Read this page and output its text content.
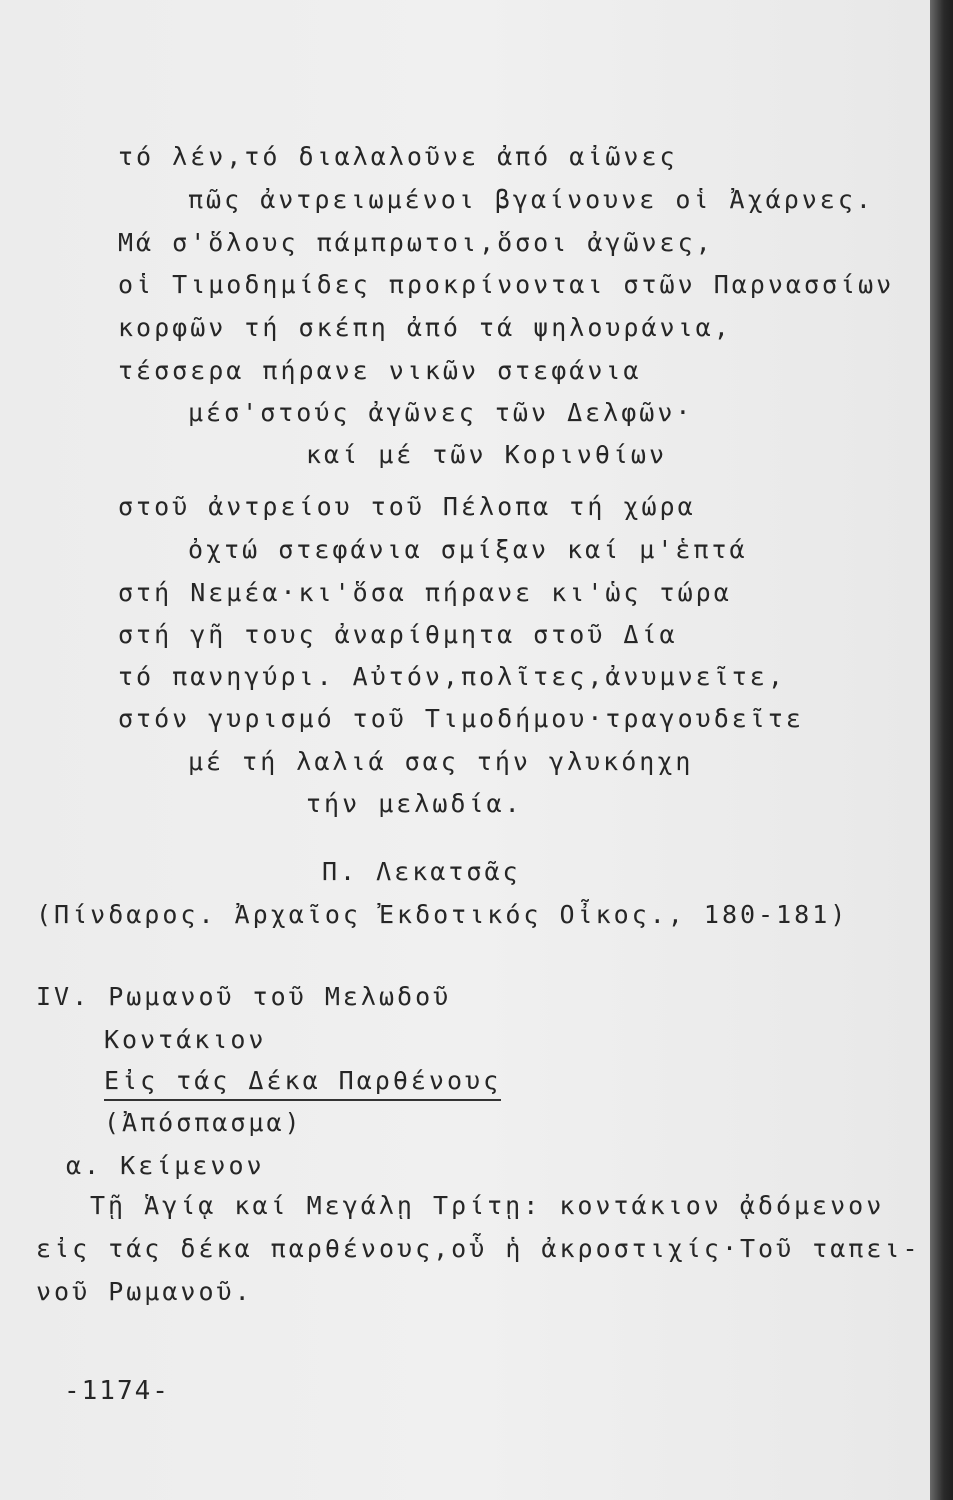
τό λέν,τό διαλαλοῦνε ἀπό αἰῶνες
πῶς ἀντρειωμένοι βγαίνουνε οἱ Ἀχάρνες.
Μά σ'ὅλους πάμπρωτοι,ὅσοι ἀγῶνες,
οἱ Τιμοδημίδες προκρίνονται στῶν Παρνασσίων
κορφῶν τή σκέπη ἀπό τά ψηλουράνια,
τέσσερα πήρανε νικῶν στεφάνια
μέσ'στούς ἀγῶνες τῶν Δελφῶν·
καί μέ τῶν Κορινθίων
στοῦ ἀντρείου τοῦ Πέλοπα τή χώρα
ὀχτώ στεφάνια σμίξαν καί μ'ἑπτά
στή Νεμέα·κι'ὅσα πήρανε κι'ὡς τώρα
στή γῆ τους ἀναρίθμητα στοῦ Δία
τό πανηγύρι. Αὐτόν,πολῖτες,ἀνυμνεῖτε,
στόν γυρισμό τοῦ Τιμοδήμου·τραγουδεῖτε
μέ τή λαλιά σας τήν γλυκόηχη
τήν μελωδία.
Π. Λεκατσᾶς
(Πίνδαρος. Ἀρχαῖος Ἐκδοτικός Οἶκος., 180-181)
IV. Ρωμανοῦ τοῦ Μελωδοῦ
Κοντάκιον
Εἰς τάς Δέκα Παρθένους
(Ἀπόσπασμα)
α. Κείμενον
Τῇ Ἁγίᾳ καί Μεγάλῃ Τρίτῃ: κοντάκιον ᾀδόμενον
εἰς τάς δέκα παρθένους,οὗ ἡ ἀκροστιχίς·Τοῦ ταπει-
νοῦ Ρωμανοῦ.
-1174-
